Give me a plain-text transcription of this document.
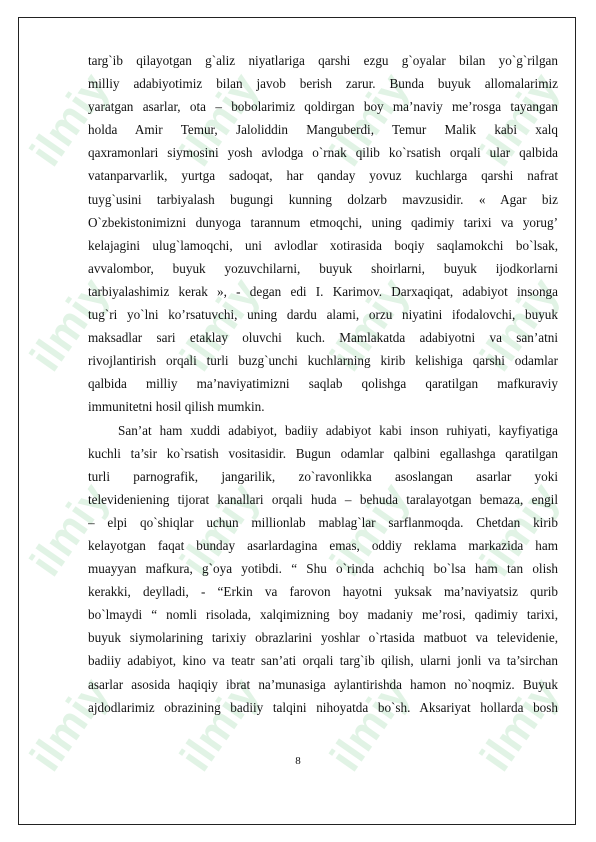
ilmiy ilmiy ilmiy ilmiy
ilmiy ilmiy ilmiy ilmiy
ilmiy ilmiy ilmiy ilmiy
ilmiy ilmiy ilmiy ilmiy
targ`ib qilayotgan g`aliz niyatlariga qarshi ezgu g`oyalar bilan yo`g`rilgan
milliy adabiyotimiz bilan javob berish zarur. Bunda buyuk allomalarimiz
yaratgan asarlar, ota – bobolarimiz qoldirgan boy ma’naviy me’rosga tayangan
holda Amir Temur, Jaloliddin Manguberdi, Temur Malik kabi xalq
qaxramonlari siymosini yosh avlodga o`rnak qilib ko`rsatish orqali ular qalbida
vatanparvarlik, yurtga sadoqat, har qanday yovuz kuchlarga qarshi nafrat
tuyg`usini tarbiyalash bugungi kunning dolzarb mavzusidir. « Agar biz
O`zbekistonimizni dunyoga tarannum etmoqchi, uning qadimiy tarixi va yorug’
kelajagini ulug`lamoqchi, uni avlodlar xotirasida boqiy saqlamokchi bo`lsak,
avvalombor, buyuk yozuvchilarni, buyuk shoirlarni, buyuk ijodkorlarni
tarbiyalashimiz kerak », - degan edi I. Karimov. Darxaqiqat, adabiyot insonga
tug`ri yo`lni ko’rsatuvchi, uning dardu alami, orzu niyatini ifodalovchi, buyuk
maksadlar sari etaklay oluvchi kuch. Mamlakatda adabiyotni va san’atni
rivojlantirish orqali turli buzg`unchi kuchlarning kirib kelishiga qarshi odamlar
qalbida milliy ma’naviyatimizni saqlab qolishga qaratilgan mafkuraviy
immunitetni hosil qilish mumkin.
San’at ham xuddi adabiyot, badiiy adabiyot kabi inson ruhiyati, kayfiyatiga
kuchli ta’sir ko`rsatish vositasidir. Bugun odamlar qalbini egallashga qaratilgan
turli parnografik, jangarilik, zo`ravonlikka asoslangan asarlar yoki
televideniening tijorat kanallari orqali huda – behuda taralayotgan bemaza, engil
– elpi qo`shiqlar uchun millionlab mablag`lar sarflanmoqda. Chetdan kirib
kelayotgan faqat bunday asarlardagina emas, oddiy reklama markazida ham
muayyan mafkura, g`oya yotibdi. “ Shu o`rinda achchiq bo`lsa ham tan olish
kerakki, deylladi, - “Erkin va farovon hayotni yuksak ma’naviyatsiz qurib
bo`lmaydi “ nomli risolada, xalqimizning boy madaniy me’rosi, qadimiy tarixi,
buyuk siymolarining tarixiy obrazlarini yoshlar o`rtasida matbuot va televidenie,
badiiy adabiyot, kino va teatr san’ati orqali targ`ib qilish, ularni jonli va ta’sirchan
asarlar asosida haqiqiy ibrat na’munasiga aylantirishda hamon no`noqmiz. Buyuk
ajdodlarimiz obrazining badiiy talqini nihoyatda bo`sh. Aksariyat hollarda bosh
8
